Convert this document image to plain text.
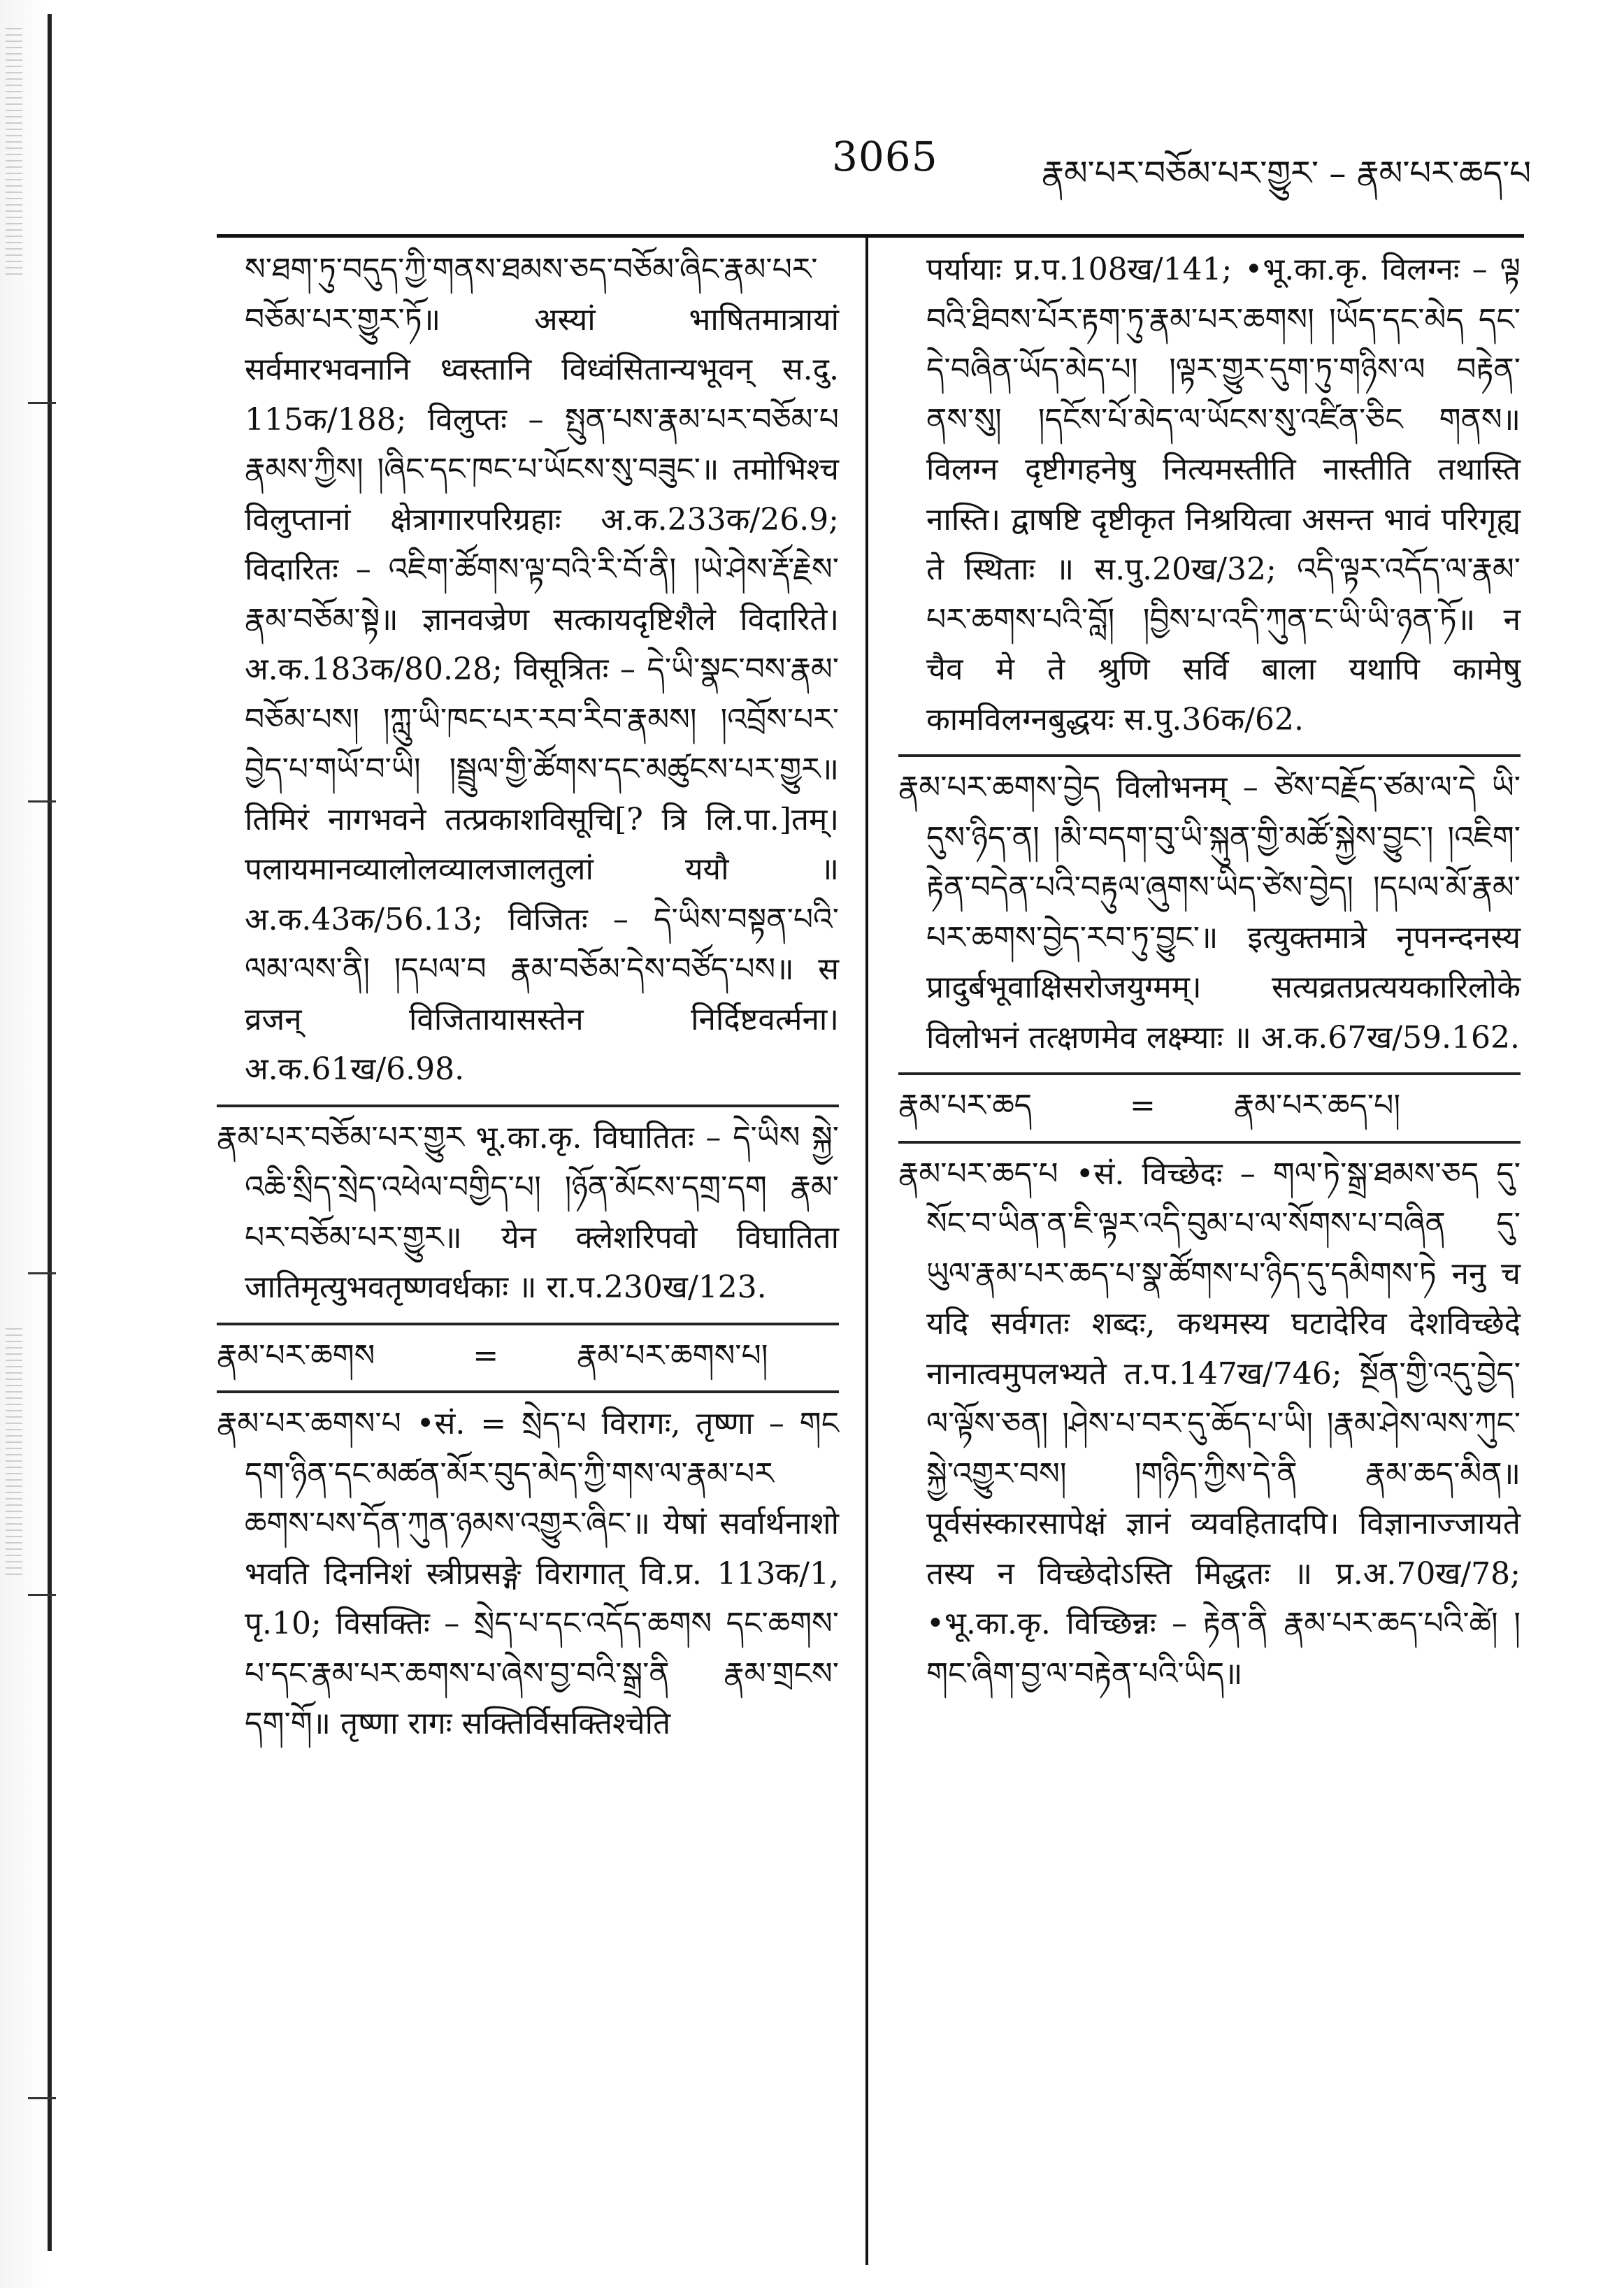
3065	རྣམ་པར་བཅོམ་པར་གྱུར་ – རྣམ་པར་ཆད་པ

ས་ཐག་ཏུ་བདུད་ཀྱི་གནས་ཐམས་ཅད་བཅོམ་ཞིང་རྣམ་པར་བཅོམ་པར་གྱུར་ཏོ॥ अस्यां भाषितमात्रायां सर्वमारभवनानि ध्वस्तानि विध्वंसितान्यभूवन् स.दु. 115क/188; विलुप्तः – སྤུན་པས་རྣམ་པར་བཅོམ་པ རྣམས་ཀྱིས། །ཞིང་དང་ཁང་པ་ཡོངས་སུ་བཟུང་॥ तमोभिश्च विलुप्तानां क्षेत्रागारपरिग्रहाः अ.क.233क/26.9; विदारितः – འཇིག་ཚོགས་ལྟ་བའི་རི་བོ་ནི། །ཡེ་ཤེས་རྡོ་རྗེས་རྣམ་བཅོམ་སྟེ॥ ज्ञानवज्रेण सत्कायदृष्टिशैले विदारिते। अ.क.183क/80.28; विसूत्रितः – དེ་ཡི་སྣང་བས་རྣམ་བཅོམ་པས། །ཀླུ་ཡི་ཁང་པར་རབ་རིབ་རྣམས། །འབྲོས་པར་བྱེད་པ་གཡོ་བ་ཡི། །སྦྲུལ་གྱི་ཚོགས་དང་མཚུངས་པར་གྱུར॥ तिमिरं नागभवने तत्प्रकाशविसूचि[? त्रि लि.पा.]तम्। पलायमानव्यालोलव्यालजालतुलां ययौ ॥ अ.क.43क/56.13; विजितः – དེ་ཡིས་བསྟན་པའི་ལམ་ལས་ནི། །དཔལ་བ རྣམ་བཅོམ་དེས་བཙོད་པས॥ स व्रजन् विजितायासस्तेन निर्दिष्टवर्त्मना। अ.क.61ख/6.98.

རྣམ་པར་བཅོམ་པར་གྱུར भू.का.कृ. विघातितः – དེ་ཡིས སྐྱེ་འཆི་སྲིད་སྲེད་འཕེལ་བགྱིད་པ། །ཉོན་མོངས་དགྲ་དག རྣམ་པར་བཅོམ་པར་གྱུར॥ येन क्लेशरिपवो विघातिता जातिमृत्युभवतृष्णवर्धकाः ॥ रा.प.230ख/123.

རྣམ་པར་ཆགས          =        རྣམ་པར་ཆགས་པ།

རྣམ་པར་ཆགས་པ •सं. = སྲེད་པ विरागः, तृष्णा – གང དག་ཉིན་དང་མཚན་མོར་བུད་མེད་ཀྱི་གས་ལ་རྣམ་པར ཆགས་པས་དོན་ཀུན་ཉམས་འགྱུར་ཞིང་॥ येषां सर्वार्थनाशो भवति दिननिशं स्त्रीप्रसङ्गे विरागात् वि.प्र. 113क/1, पृ.10; विसक्तिः – སྲེད་པ་དང་འདོད་ཆགས དང་ཆགས་པ་དང་རྣམ་པར་ཆགས་པ་ཞེས་བྱ་བའི་སྒྲ་ནི རྣམ་གྲངས་དག་གོ॥ तृष्णा रागः सक्तिर्विसक्तिश्चेति

पर्यायाः प्र.प.108ख/141; •भू.का.कृ. विलग्नः – ལྟ བའི་ཐིབས་པོར་རྟག་ཏུ་རྣམ་པར་ཆགས། །ཡོད་དང་མེད དང་དེ་བཞིན་ཡོད་མེད་པ། །ལྟར་གྱུར་དུག་ཏུ་གཉིས་ལ བརྟེན་ནས་སུ། །དངོས་པོ་མེད་ལ་ཡོངས་སུ་འཛིན་ཅིང གནས॥ विलग्न दृष्टीगहनेषु नित्यमस्तीति नास्तीति तथास्ति नास्ति। द्वाषष्टि दृष्टीकृत निश्रयित्वा असन्त भावं परिगृह्य ते स्थिताः ॥ स.पु.20ख/32; འདི་ལྟར་འདོད་ལ་རྣམ་པར་ཆགས་པའི་བློ། །བྱིས་པ་འདི་ཀུན་ང་ཡི་ཡི་ཉན་ཏོ॥ न चैव मे ते श्रुणि सर्वि बाला यथापि कामेषु कामविलग्नबुद्धयः स.पु.36क/62.

རྣམ་པར་ཆགས་བྱེད विलोभनम् – ཙེས་བརྗོད་ཙམ་ལ་དེ ཡི་དུས་ཉིད་ན། །མི་བདག་བུ་ཡི་སྐུན་གྱི་མཚོ་སྐྱེས་བྱུང་། །འཇིག་རྟེན་བདེན་པའི་བརྟུལ་ཞུགས་ཡིད་ཙེས་བྱེད། །དཔལ་མོ་རྣམ་པར་ཆགས་བྱེད་རབ་ཏུ་བྱུང་॥ इत्युक्तमात्रे नृपनन्दनस्य प्रादुर्बभूवाक्षिसरोजयुग्मम्। सत्यव्रतप्रत्ययकारिलोके विलोभनं तत्क्षणमेव लक्ष्म्याः ॥ अ.क.67ख/59.162.

རྣམ་པར་ཆད          =        རྣམ་པར་ཆད་པ།

རྣམ་པར་ཆད་པ •सं. विच्छेदः – གལ་ཏེ་སྒྲ་ཐམས་ཅད དུ་སོང་བ་ཡིན་ན་ཇི་ལྟར་འདི་བུམ་པ་ལ་སོགས་པ་བཞིན དུ་ཡུལ་རྣམ་པར་ཆད་པ་སྣ་ཚོགས་པ་ཉིད་དུ་དམིགས་ཏེ ननु च यदि सर्वगतः शब्दः, कथमस्य घटादेरिव देशविच्छेदे नानात्वमुपलभ्यते त.प.147ख/746; སྔོན་གྱི་འདུ་བྱེད་ལ་ལྟོས་ཅན། །ཤེས་པ་བར་དུ་ཆོད་པ་ཡི། །རྣམ་ཤེས་ལས་ཀུང་སྐྱེ་འགྱུར་བས། །གཉིད་ཀྱིས་དེ་ནི རྣམ་ཆད་མིན॥ पूर्वसंस्कारसापेक्षं ज्ञानं व्यवहितादपि। विज्ञानाज्जायते तस्य न विच्छेदोऽस्ति मिद्धतः ॥ प्र.अ.70ख/78; •भू.का.कृ. विच्छिन्नः – རྟེན་ནི རྣམ་པར་ཆད་པའི་ཚེ། །གང་ཞིག་བྱ་ལ་བརྟེན་པའི་ཡིད॥
